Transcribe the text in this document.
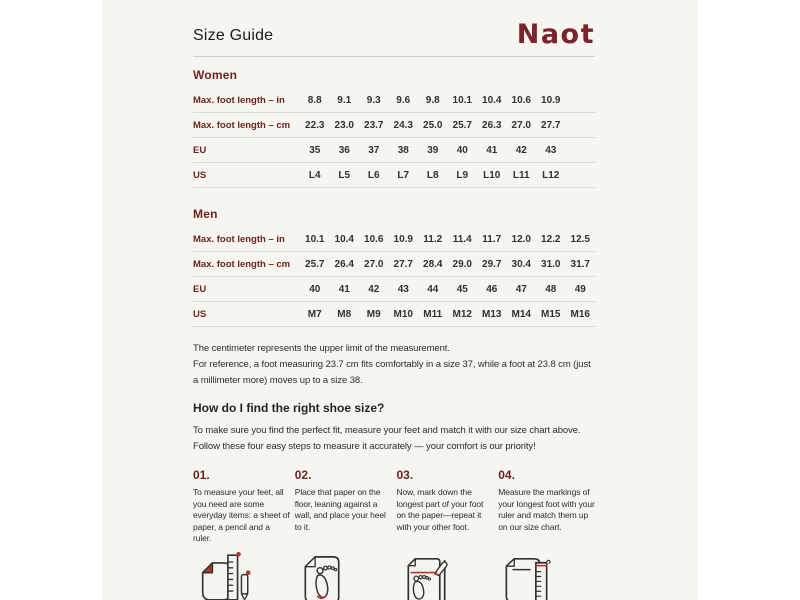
Size Guide	Naot
Women
Max. foot length – in	8.8	9.1	9.3	9.6	9.8	10.1	10.4	10.6	10.9
Max. foot length – cm	22.3	23.0	23.7	24.3	25.0	25.7	26.3	27.0	27.7
EU	35	36	37	38	39	40	41	42	43
US	L4	L5	L6	L7	L8	L9	L10	L11	L12
Men
Max. foot length – in	10.1	10.4	10.6	10.9	11.2	11.4	11.7	12.0	12.2	12.5
Max. foot length – cm	25.7	26.4	27.0	27.7	28.4	29.0	29.7	30.4	31.0	31.7
EU	40	41	42	43	44	45	46	47	48	49
US	M7	M8	M9	M10	M11	M12	M13	M14	M15	M16

The centimeter represents the upper limit of the measurement.

For reference, a foot measuring 23.7 cm fits comfortably in a size 37, while a foot at 23.8 cm (just a millimeter more) moves up to a size 38.

How do I find the right shoe size?

To make sure you find the perfect fit, measure your feet and match it with our size chart above. Follow these four easy steps to measure it accurately — your comfort is our priority!

01.
To measure your feet, all you need are some everyday items: a sheet of paper, a pencil and a ruler.
02.
Place that paper on the floor, leaning against a wall, and place your heel to it.
03.
Now, mark down the longest part of your foot on the paper—repeat it with your other foot.
04.
Measure the markings of your longest foot with your ruler and match them up on our size chart.
